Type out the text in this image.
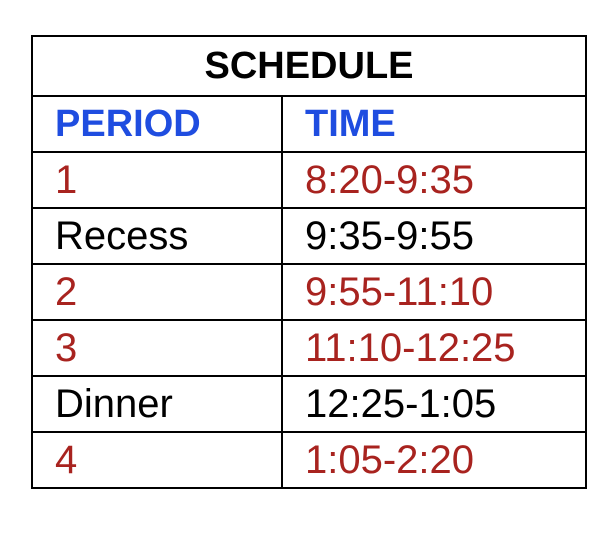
SCHEDULE	
PERIOD	TIME
1	8:20-9:35
Recess	9:35-9:55
2	9:55-11:10
3	11:10-12:25
Dinner	12:25-1:05
4	1:05-2:20
